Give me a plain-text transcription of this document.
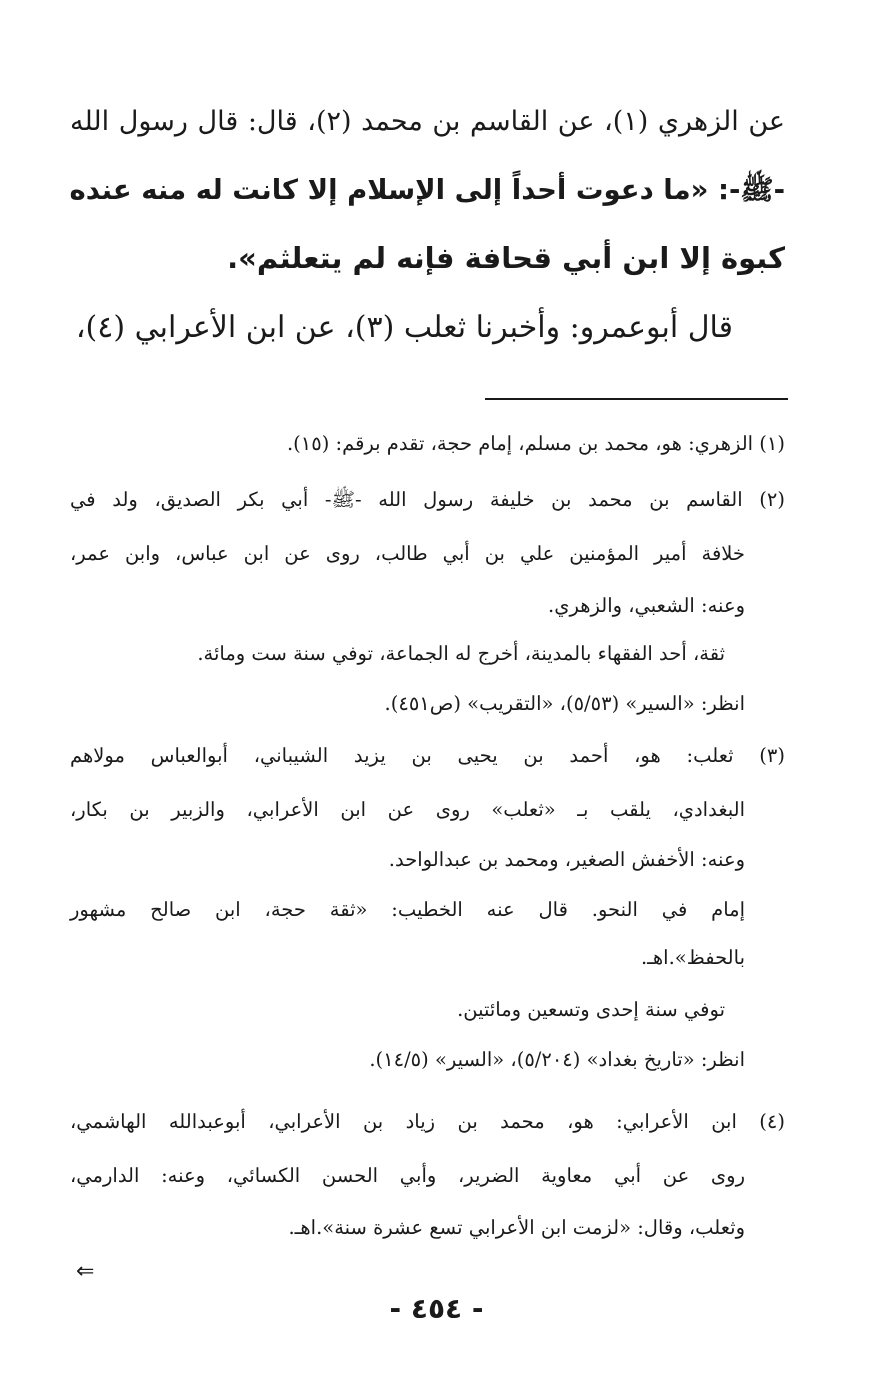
عن الزهري (١)، عن القاسم بن محمد (٢)، قال: قال رسول الله
-ﷺ-: «ما دعوت أحداً إلى الإسلام إلا كانت له منه عنده
كبوة إلا ابن أبي قحافة فإنه لم يتعلثم».
قال أبوعمرو: وأخبرنا ثعلب (٣)، عن ابن الأعرابي (٤)،
(١) الزهري: هو، محمد بن مسلم، إمام حجة، تقدم برقم: (١٥).
(٢) القاسم بن محمد بن خليفة رسول الله -ﷺ- أبي بكر الصديق، ولد في
خلافة أمير المؤمنين علي بن أبي طالب، روى عن ابن عباس، وابن عمر،
وعنه: الشعبي، والزهري.
ثقة، أحد الفقهاء بالمدينة، أخرج له الجماعة، توفي سنة ست ومائة.
انظر: «السير» (٥/٥٣)، «التقريب» (ص٤٥١).
(٣) ثعلب: هو، أحمد بن يحيى بن يزيد الشيباني، أبوالعباس مولاهم
البغدادي، يلقب بـ «ثعلب» روى عن ابن الأعرابي، والزبير بن بكار،
وعنه: الأخفش الصغير، ومحمد بن عبدالواحد.
إمام في النحو. قال عنه الخطيب: «ثقة حجة، ابن صالح مشهور
بالحفظ».اهـ.
توفي سنة إحدى وتسعين ومائتين.
انظر: «تاريخ بغداد» (٥/٢٠٤)، «السير» (١٤/٥).
(٤) ابن الأعرابي: هو، محمد بن زياد بن الأعرابي، أبوعبدالله الهاشمي،
روى عن أبي معاوية الضرير، وأبي الحسن الكسائي، وعنه: الدارمي،
وثعلب، وقال: «لزمت ابن الأعرابي تسع عشرة سنة».اهـ.
⇐
- ٤٥٤ -
